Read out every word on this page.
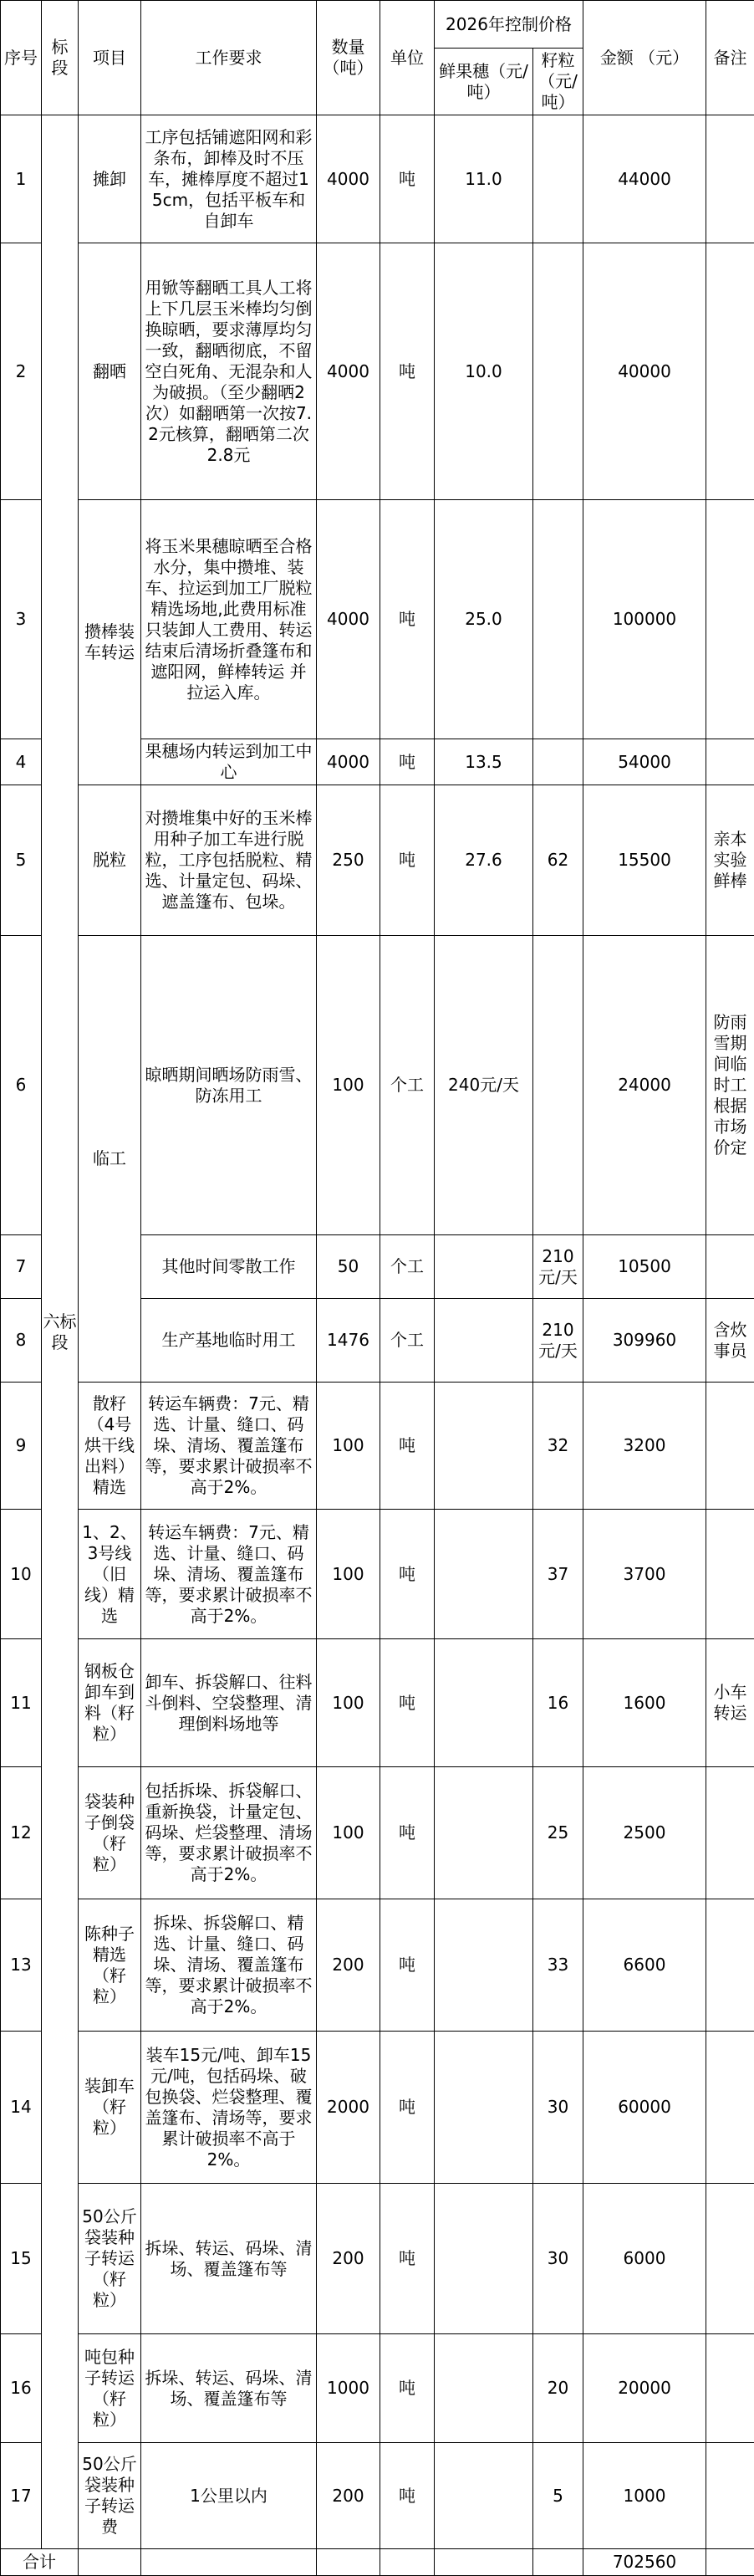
序号	标段	项目	工作要求	数量（吨）	单位	2026年控制价格		金额 （元）	备注
						鲜果穗（元/吨）	籽粒（元/吨）		
1	六标段	摊卸	工序包括铺遮阳网和彩条布，卸棒及时不压车，摊棒厚度不超过15cm，包括平板车和自卸车	4000	吨	11.0		44000	
2		翻晒	用锨等翻晒工具人工将上下几层玉米棒均匀倒换晾晒，要求薄厚均匀一致，翻晒彻底，不留空白死角、无混杂和人为破损。（至少翻晒2次）如翻晒第一次按7.2元核算，翻晒第二次2.8元	4000	吨	10.0		40000	
3		攒棒装车转运	将玉米果穗晾晒至合格水分，集中攒堆、装车、拉运到加工厂脱粒精选场地,此费用标准只装卸人工费用、转运结束后清场折叠篷布和遮阳网，鲜棒转运 并拉运入库。	4000	吨	25.0		100000	
4			果穗场内转运到加工中心	4000	吨	13.5		54000	
5		脱粒	对攒堆集中好的玉米棒用种子加工车进行脱粒，工序包括脱粒、精选、计量定包、码垛、遮盖篷布、包垛。	250	吨	27.6	62	15500	亲本实验鲜棒
6		临工	晾晒期间晒场防雨雪、防冻用工	100	个工	240元/天		24000	防雨雪期间临时工根据市场价定
7			其他时间零散工作	50	个工		210元/天	10500	
8			生产基地临时用工	1476	个工		210元/天	309960	含炊事员
9		散籽（4号烘干线出料）精选	转运车辆费：7元、精选、计量、缝口、码垛、清场、覆盖篷布等，要求累计破损率不高于2%。	100	吨		32	3200	
10		1、2、3号线（旧线）精选	转运车辆费：7元、精选、计量、缝口、码垛、清场、覆盖篷布等，要求累计破损率不高于2%。	100	吨		37	3700	
11		钢板仓卸车到料（籽粒）	卸车、拆袋解口、往料斗倒料、空袋整理、清理倒料场地等	100	吨		16	1600	小车转运
12		袋装种子倒袋（籽粒）	包括拆垛、拆袋解口、重新换袋，计量定包、码垛、烂袋整理、清场等，要求累计破损率不高于2%。	100	吨		25	2500	
13		陈种子精选（籽粒）	拆垛、拆袋解口、精选、计量、缝口、码垛、清场、覆盖篷布等，要求累计破损率不高于2%。	200	吨		33	6600	
14		装卸车（籽粒）	装车15元/吨、卸车15元/吨，包括码垛、破包换袋、烂袋整理、覆盖篷布、清场等，要求累计破损率不高于2%。	2000	吨		30	60000	
15		50公斤袋装种子转运（籽粒）	拆垛、转运、码垛、清场、覆盖篷布等	200	吨		30	6000	
16		吨包种子转运（籽粒）	拆垛、转运、码垛、清场、覆盖篷布等	1000	吨		20	20000	
17		50公斤袋装种子转运费	1公里以内	200	吨		5	1000	
合计								702560	
